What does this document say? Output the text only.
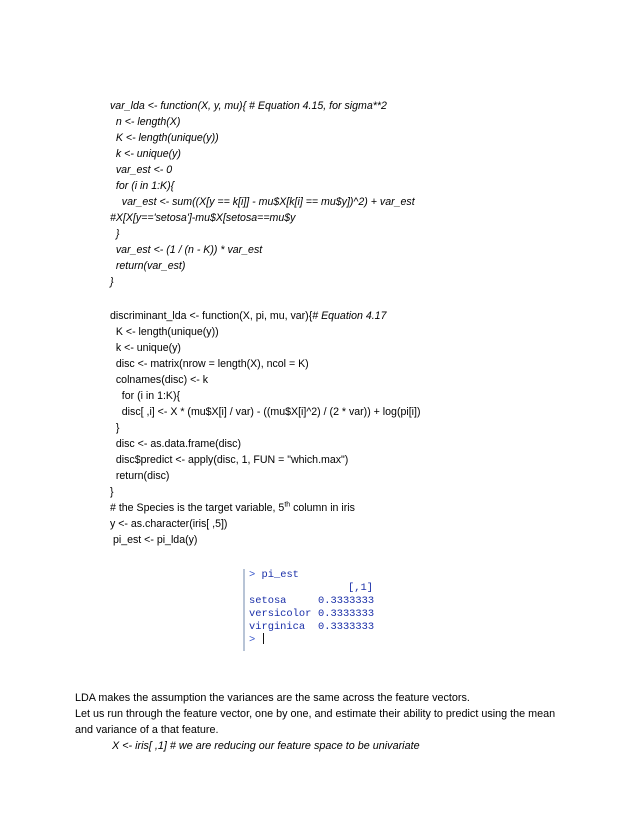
var_lda <- function(X, y, mu){ # Equation 4.15, for sigma**2
n <- length(X)
K <- length(unique(y))
k <- unique(y)
var_est <- 0
for (i in 1:K){
var_est <- sum((X[y == k[i]] - mu$X[k[i] == mu$y])^2) + var_est
#X[X[y=='setosa']-mu$X[setosa==mu$y
}
var_est <- (1 / (n - K)) * var_est
return(var_est)
}
discriminant_lda <- function(X, pi, mu, var){# Equation 4.17
K <- length(unique(y))
k <- unique(y)
disc <- matrix(nrow = length(X), ncol = K)
colnames(disc) <- k
for (i in 1:K){
disc[ ,i] <- X * (mu$X[i] / var) - ((mu$X[i]^2) / (2 * var)) + log(pi[i])
}
disc <- as.data.frame(disc)
disc$predict <- apply(disc, 1, FUN = "which.max")
return(disc)
}
# the Species is the target variable, 5th column in iris
y <- as.character(iris[ ,5])
pi_est <- pi_lda(y)
> pi_est
[,1]
setosa	0.3333333
versicolor 0.3333333
virginica 0.3333333
>
LDA makes the assumption the variances are the same across the feature vectors.
Let us run through the feature vector, one by one, and estimate their ability to predict using the mean
and variance of a that feature.
X <- iris[ ,1] # we are reducing our feature space to be univariate
